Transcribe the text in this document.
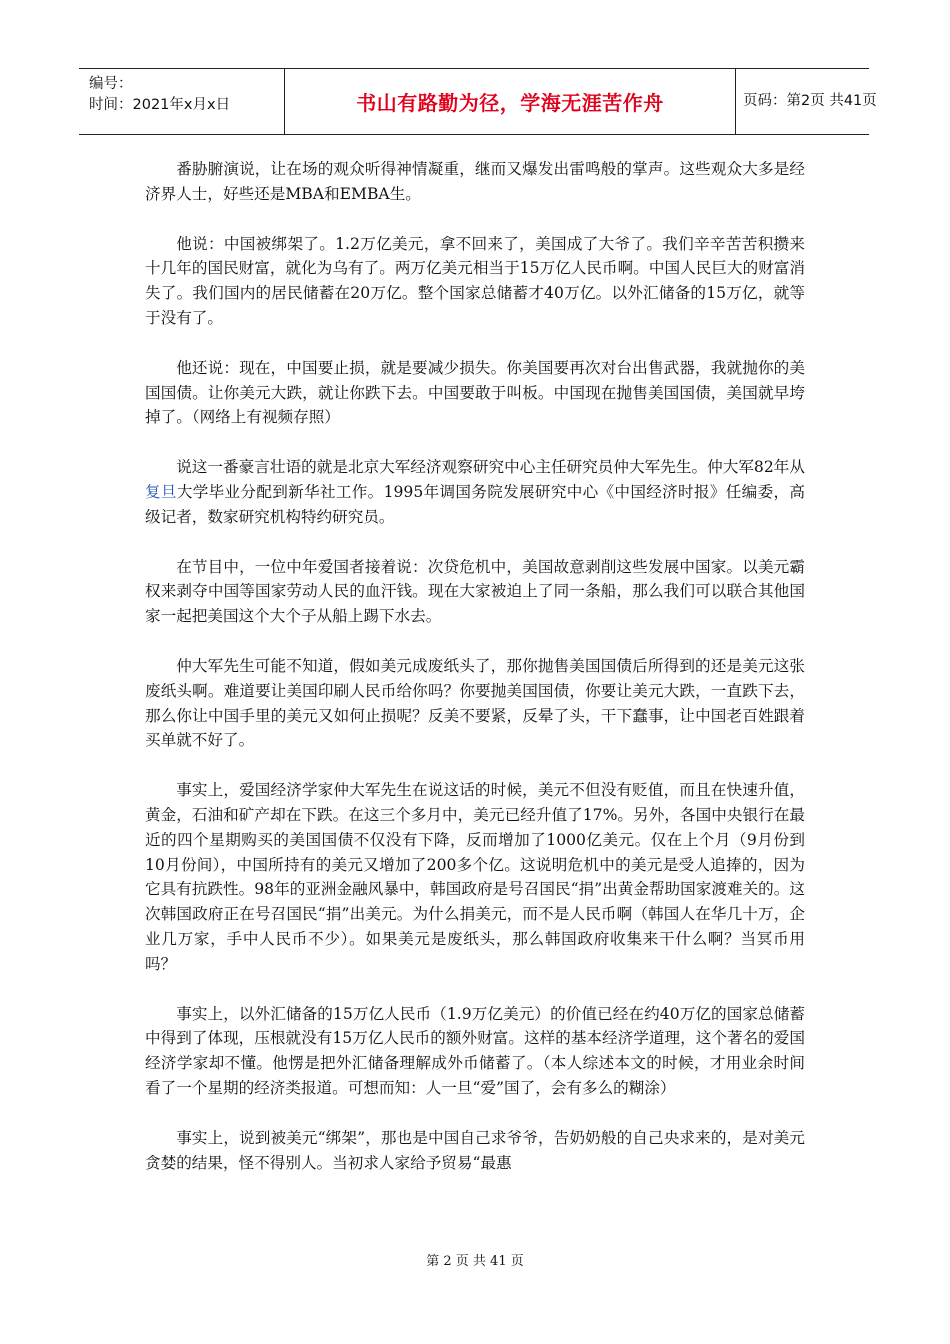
编号：
时间：2021年x月x日	书山有路勤为径，学海无涯苦作舟	页码：第2页 共41页

番胁腑演说，让在场的观众听得神情凝重，继而又爆发出雷鸣般的掌声。这些观众大多是经济界人士，好些还是MBA和EMBA生。

他说：中国被绑架了。1.2万亿美元，拿不回来了，美国成了大爷了。我们辛辛苦苦积攒来十几年的国民财富，就化为乌有了。两万亿美元相当于15万亿人民币啊。中国人民巨大的财富消失了。我们国内的居民储蓄在20万亿。整个国家总储蓄才40万亿。以外汇储备的15万亿，就等于没有了。

他还说：现在，中国要止损，就是要减少损失。你美国要再次对台出售武器，我就抛你的美国国债。让你美元大跌，就让你跌下去。中国要敢于叫板。中国现在抛售美国国债，美国就早垮掉了。（网络上有视频存照）

说这一番豪言壮语的就是北京大军经济观察研究中心主任研究员仲大军先生。仲大军82年从复旦大学毕业分配到新华社工作。1995年调国务院发展研究中心《中国经济时报》任编委，高级记者，数家研究机构特约研究员。

在节目中，一位中年爱国者接着说：次贷危机中，美国故意剥削这些发展中国家。以美元霸权来剥夺中国等国家劳动人民的血汗钱。现在大家被迫上了同一条船，那么我们可以联合其他国家一起把美国这个大个子从船上踢下水去。

仲大军先生可能不知道，假如美元成废纸头了，那你抛售美国国债后所得到的还是美元这张废纸头啊。难道要让美国印刷人民币给你吗？你要抛美国国债，你要让美元大跌，一直跌下去，那么你让中国手里的美元又如何止损呢？反美不要紧，反晕了头，干下蠢事，让中国老百姓跟着买单就不好了。

事实上，爱国经济学家仲大军先生在说这话的时候，美元不但没有贬值，而且在快速升值，黄金，石油和矿产却在下跌。在这三个多月中，美元已经升值了17%。另外，各国中央银行在最近的四个星期购买的美国国债不仅没有下降，反而增加了1000亿美元。仅在上个月（9月份到10月份间），中国所持有的美元又增加了200多个亿。这说明危机中的美元是受人追捧的，因为它具有抗跌性。98年的亚洲金融风暴中，韩国政府是号召国民“捐”出黄金帮助国家渡难关的。这次韩国政府正在号召国民“捐”出美元。为什么捐美元，而不是人民币啊（韩国人在华几十万，企业几万家，手中人民币不少）。如果美元是废纸头，那么韩国政府收集来干什么啊？当冥币用吗？

事实上，以外汇储备的15万亿人民币（1.9万亿美元）的价值已经在约40万亿的国家总储蓄中得到了体现，压根就没有15万亿人民币的额外财富。这样的基本经济学道理，这个著名的爱国经济学家却不懂。他愣是把外汇储备理解成外币储蓄了。（本人综述本文的时候，才用业余时间看了一个星期的经济类报道。可想而知：人一旦“爱”国了，会有多么的糊涂）

事实上，说到被美元“绑架”，那也是中国自己求爷爷，告奶奶般的自己央求来的，是对美元贪婪的结果，怪不得别人。当初求人家给予贸易“最惠

第 2 页 共 41 页
